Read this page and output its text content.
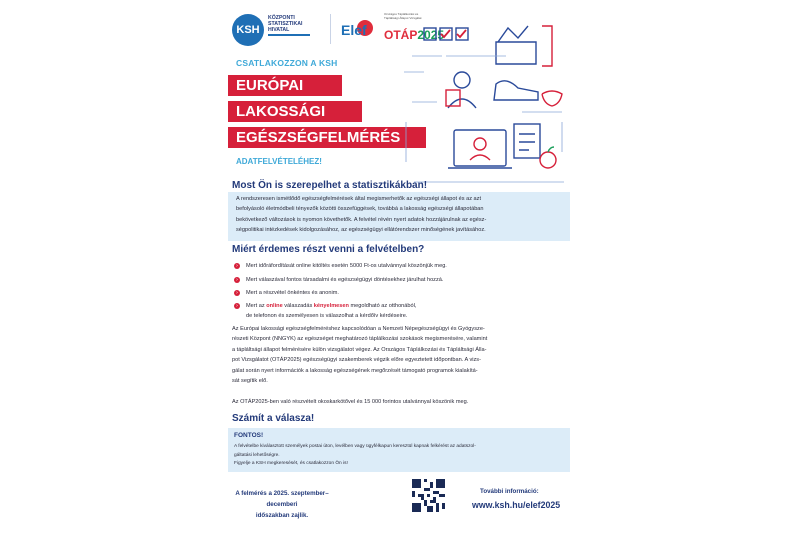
KSH
KÖZPONTI
STATISZTIKAI
HIVATAL	Elef
Országos Táplálkozási és Tápláltsági Állapot Vizsgálat
OTÁP2025
CSATLAKOZZON A KSH
EURÓPAI
LAKOSSÁGI
EGÉSZSÉGFELMÉRÉS
ADATFELVÉTELÉHEZ!
Most Ön is szerepelhet a statisztikákban!
A rendszeresen ismétlődő egészségfelmérések által megismerhetők az egészségi állapot és az azt
befolyásoló életmódbeli tényezők közötti összefüggések, továbbá a lakosság egészségi állapotában
bekövetkező változások is nyomon követhetők. A felvétel révén nyert adatok hozzájárulnak az egész-
ségpolitikai intézkedések kidolgozásához, az egészségügyi ellátórendszer minőségének javításához.
Miért érdemes részt venni a felvételben?
›	Mert időráfordítását online kitöltés esetén 5000 Ft-os utalvánnyal köszönjük meg.
›	Mert válaszával fontos társadalmi és egészségügyi döntésekhez járulhat hozzá.
›	Mert a részvétel önkéntes és anonim.
›	Mert az online válaszadás kényelmesen megoldható az otthonából,
de telefonon és személyesen is válaszolhat a kérdőív kérdéseire.
Az Európai lakossági egészségfelméréshez kapcsolódóan a Nemzeti Népegészségügyi és Gyógysze-
részeti Központ (NNGYK) az egészséget meghatározó táplálkozási szokások megismerésére, valamint
a tápláltsági állapot felmérésére külön vizsgálatot végez. Az Országos Táplálkozási és Tápláltsági Álla-
pot Vizsgálatot (OTÁP2025) egészségügyi szakemberek végzik előre egyeztetett időpontban. A vizs-
gálat során nyert információk a lakosság egészségének megőrzését támogató programok kialakítá-
sát segítik elő.
Az OTÁP2025-ben való részvételt okoskarkötővel és 15 000 forintos utalvánnyal köszönik meg.
Számít a válasza!
FONTOS!
A felvételbe kiválasztott személyek postai úton, levélben vagy ügyfélkapun keresztül kapnak felkérést az adatszol-
gáltatási lehetőségre.
Figyelje a KSH megkeresését, és csatlakozzon Ön is!
A felmérés a 2025. szeptember–decemberi
időszakban zajlik.
További információ:
www.ksh.hu/elef2025
